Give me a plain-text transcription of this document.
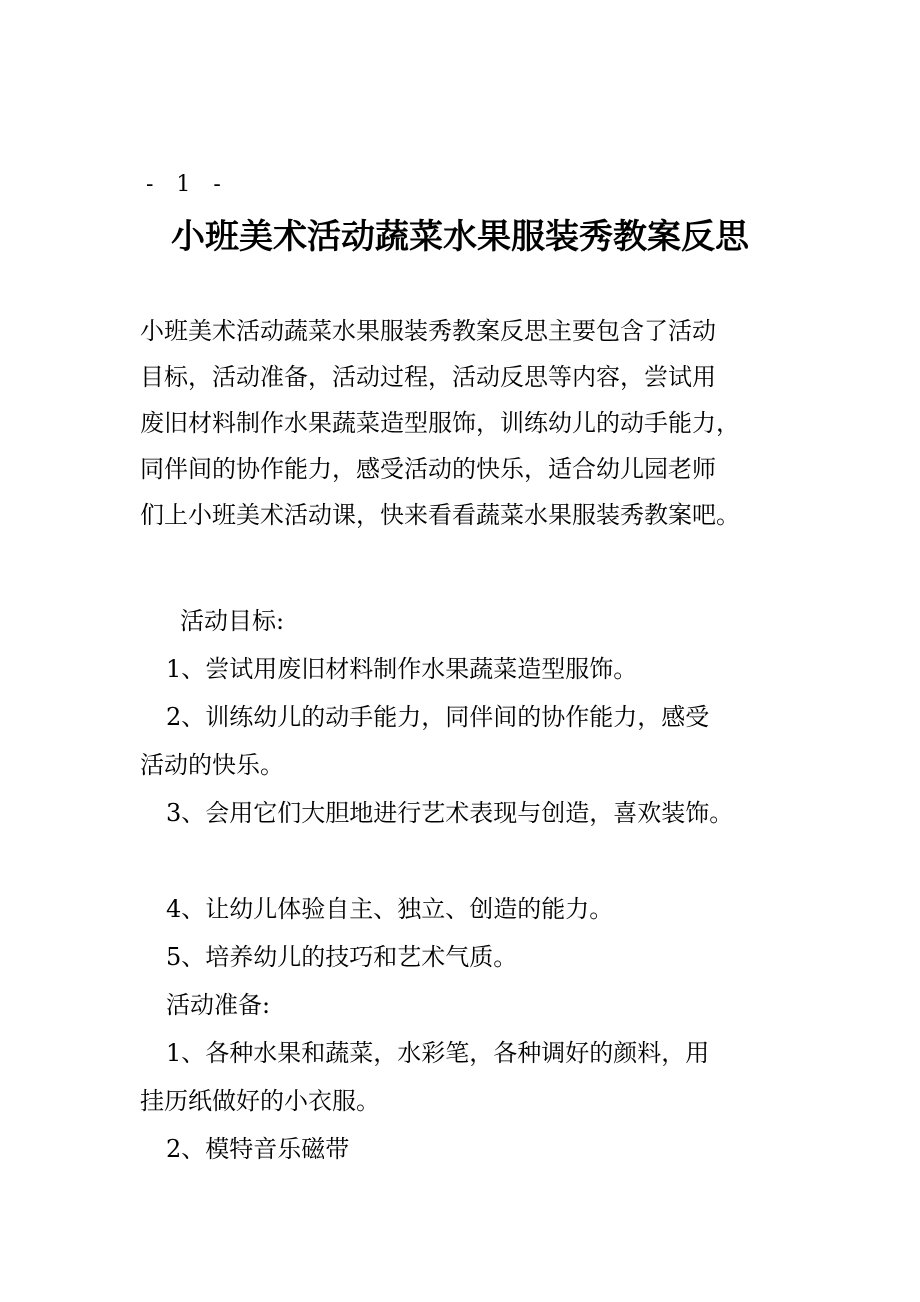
- 1 -
小班美术活动蔬菜水果服装秀教案反思

小班美术活动蔬菜水果服装秀教案反思主要包含了活动
目标，活动准备，活动过程，活动反思等内容，尝试用
废旧材料制作水果蔬菜造型服饰，训练幼儿的动手能力，
同伴间的协作能力，感受活动的快乐，适合幼儿园老师
们上小班美术活动课，快来看看蔬菜水果服装秀教案吧。

活动目标:

1、尝试用废旧材料制作水果蔬菜造型服饰。

2、训练幼儿的动手能力，同伴间的协作能力，感受

活动的快乐。

3、会用它们大胆地进行艺术表现与创造，喜欢装饰。

4、让幼儿体验自主、独立、创造的能力。

5、培养幼儿的技巧和艺术气质。

活动准备:

1、各种水果和蔬菜，水彩笔，各种调好的颜料，用

挂历纸做好的小衣服。

2、模特音乐磁带
